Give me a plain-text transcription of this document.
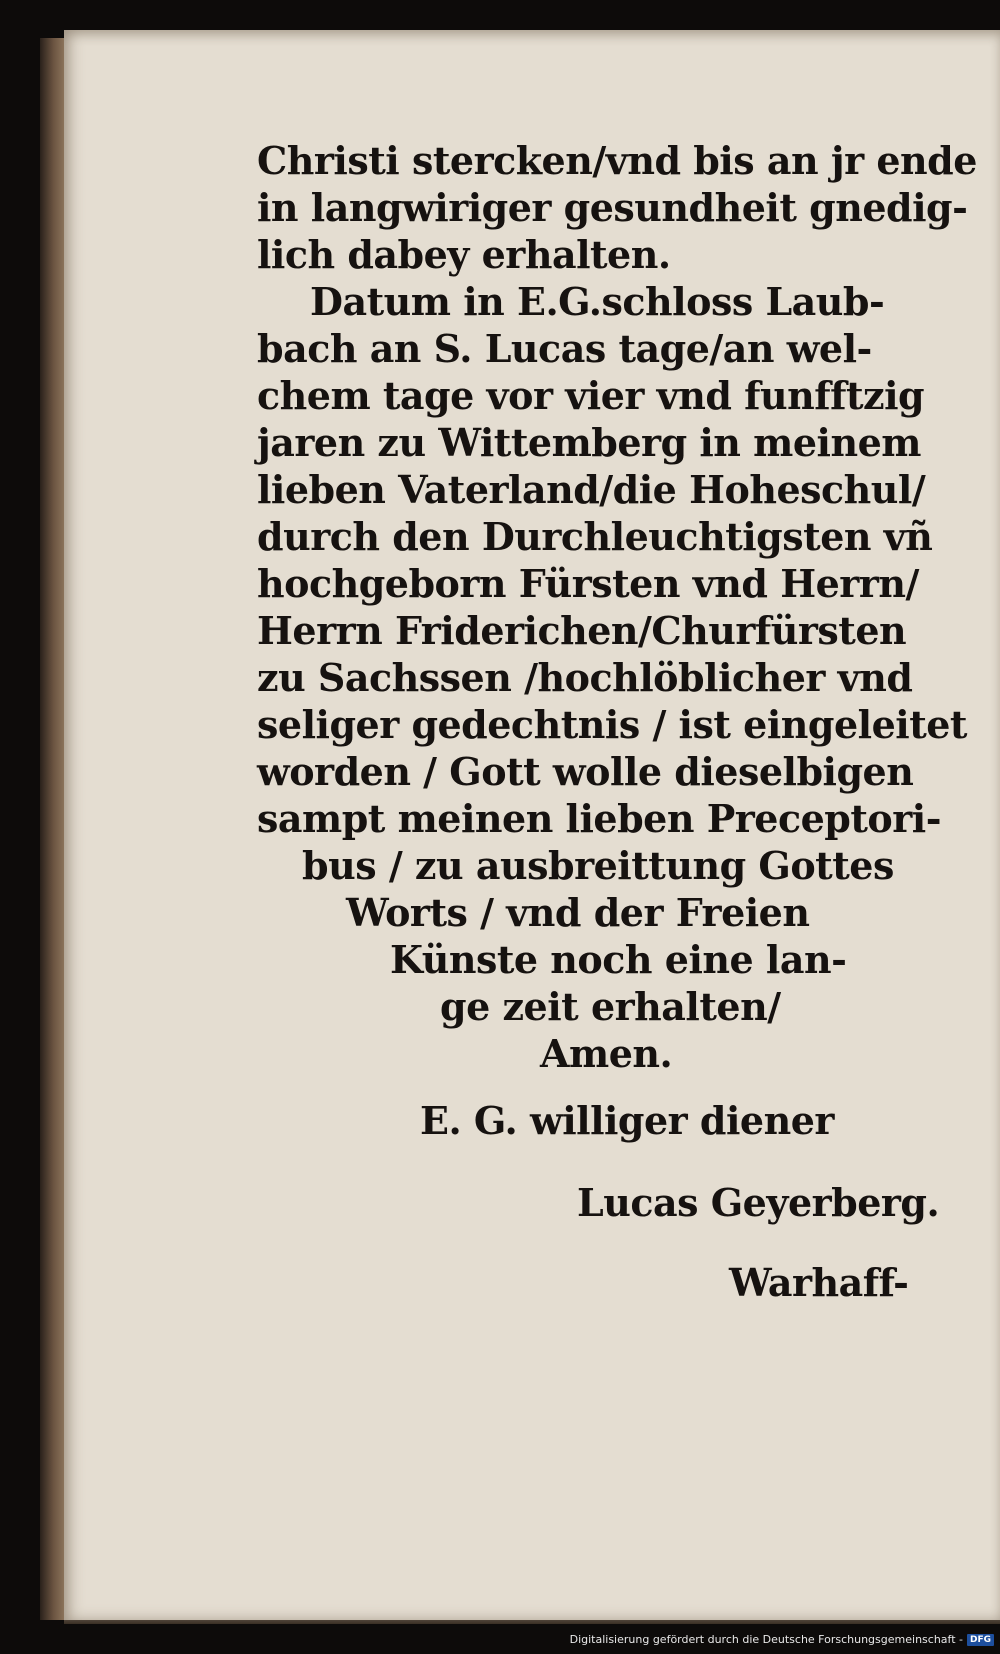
Christi stercken/vnd bis an jr ende
in langwiriger gesundheit gnedig-
lich dabey erhalten.
Datum in E.G.schloss Laub-
bach an S. Lucas tage/an wel-
chem tage vor vier vnd funfftzig
jaren zu Wittemberg in meinem
lieben Vaterland/die Hoheschul/
durch den Durchleuchtigsten vñ
hochgeborn Fürsten vnd Herrn/
Herrn Friderichen/Churfürsten
zu Sachssen /hochlöblicher vnd
seliger gedechtnis / ist eingeleitet
worden / Gott wolle dieselbigen
sampt meinen lieben Preceptori-
bus / zu ausbreittung Gottes
Worts / vnd der Freien
Künste noch eine lan-
ge zeit erhalten/
Amen.
E. G. williger diener
Lucas Geyerberg.
Warhaff-
Digitalisierung gefördert durch die Deutsche Forschungsgemeinschaft - DFG
